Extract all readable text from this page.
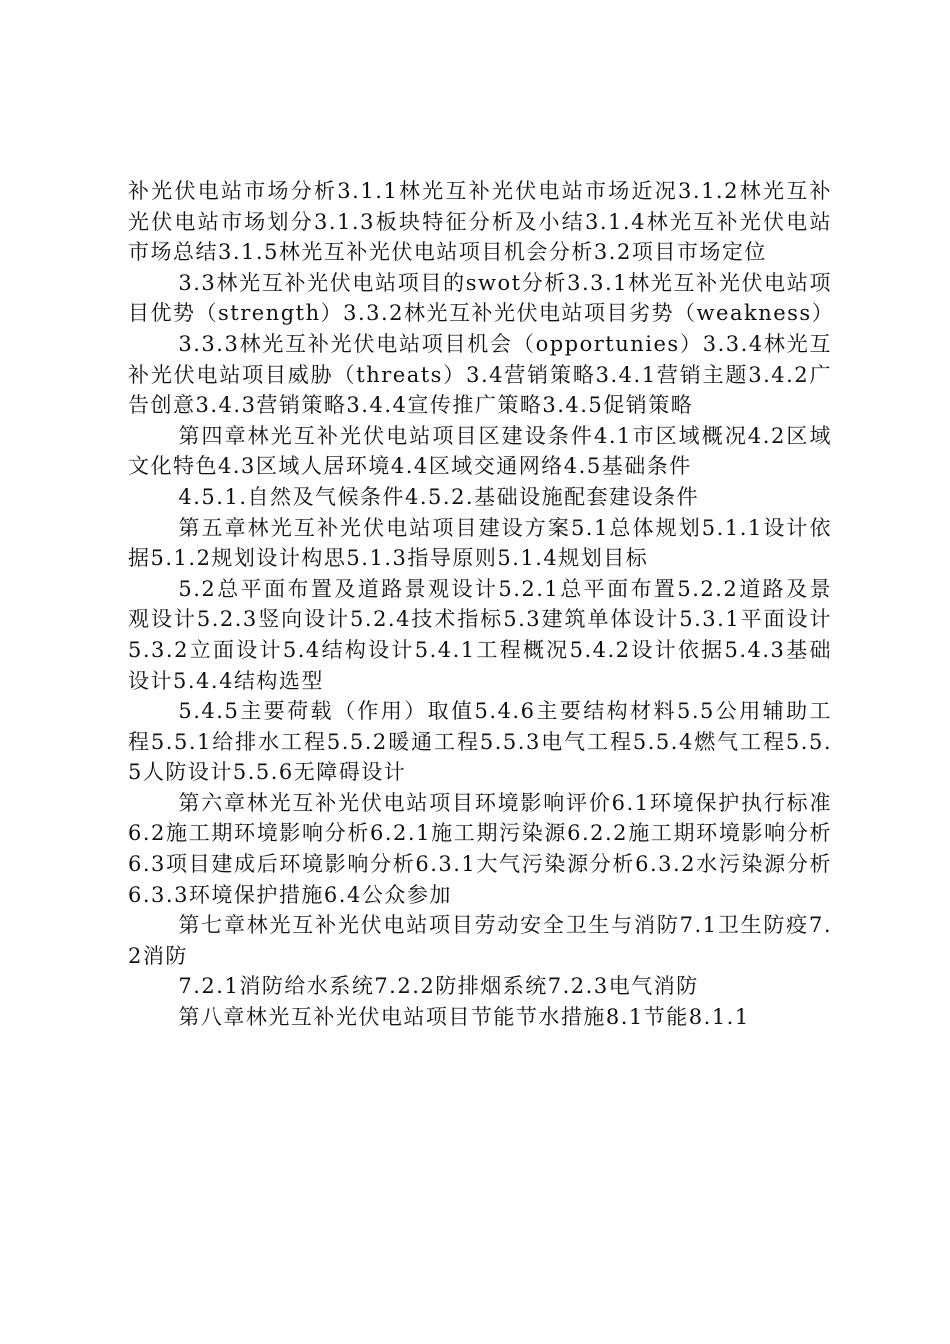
补光伏电站市场分析3.1.1林光互补光伏电站市场近况3.1.2林光互补光伏电站市场划分3.1.3板块特征分析及小结3.1.4林光互补光伏电站市场总结3.1.5林光互补光伏电站项目机会分析3.2项目市场定位

3.3林光互补光伏电站项目的swot分析3.3.1林光互补光伏电站项目优势（strength）3.3.2林光互补光伏电站项目劣势（weakness）

3.3.3林光互补光伏电站项目机会（opportunies）3.3.4林光互补光伏电站项目威胁（threats）3.4营销策略3.4.1营销主题3.4.2广告创意3.4.3营销策略3.4.4宣传推广策略3.4.5促销策略

第四章林光互补光伏电站项目区建设条件4.1市区域概况4.2区域文化特色4.3区域人居环境4.4区域交通网络4.5基础条件

4.5.1.自然及气候条件4.5.2.基础设施配套建设条件

第五章林光互补光伏电站项目建设方案5.1总体规划5.1.1设计依据5.1.2规划设计构思5.1.3指导原则5.1.4规划目标

5.2总平面布置及道路景观设计5.2.1总平面布置5.2.2道路及景观设计5.2.3竖向设计5.2.4技术指标5.3建筑单体设计5.3.1平面设计5.3.2立面设计5.4结构设计5.4.1工程概况5.4.2设计依据5.4.3基础设计5.4.4结构选型

5.4.5主要荷载（作用）取值5.4.6主要结构材料5.5公用辅助工程5.5.1给排水工程5.5.2暖通工程5.5.3电气工程5.5.4燃气工程5.5.5人防设计5.5.6无障碍设计

第六章林光互补光伏电站项目环境影响评价6.1环境保护执行标准6.2施工期环境影响分析6.2.1施工期污染源6.2.2施工期环境影响分析6.3项目建成后环境影响分析6.3.1大气污染源分析6.3.2水污染源分析6.3.3环境保护措施6.4公众参加

第七章林光互补光伏电站项目劳动安全卫生与消防7.1卫生防疫7.2消防

7.2.1消防给水系统7.2.2防排烟系统7.2.3电气消防

第八章林光互补光伏电站项目节能节水措施8.1节能8.1.1
